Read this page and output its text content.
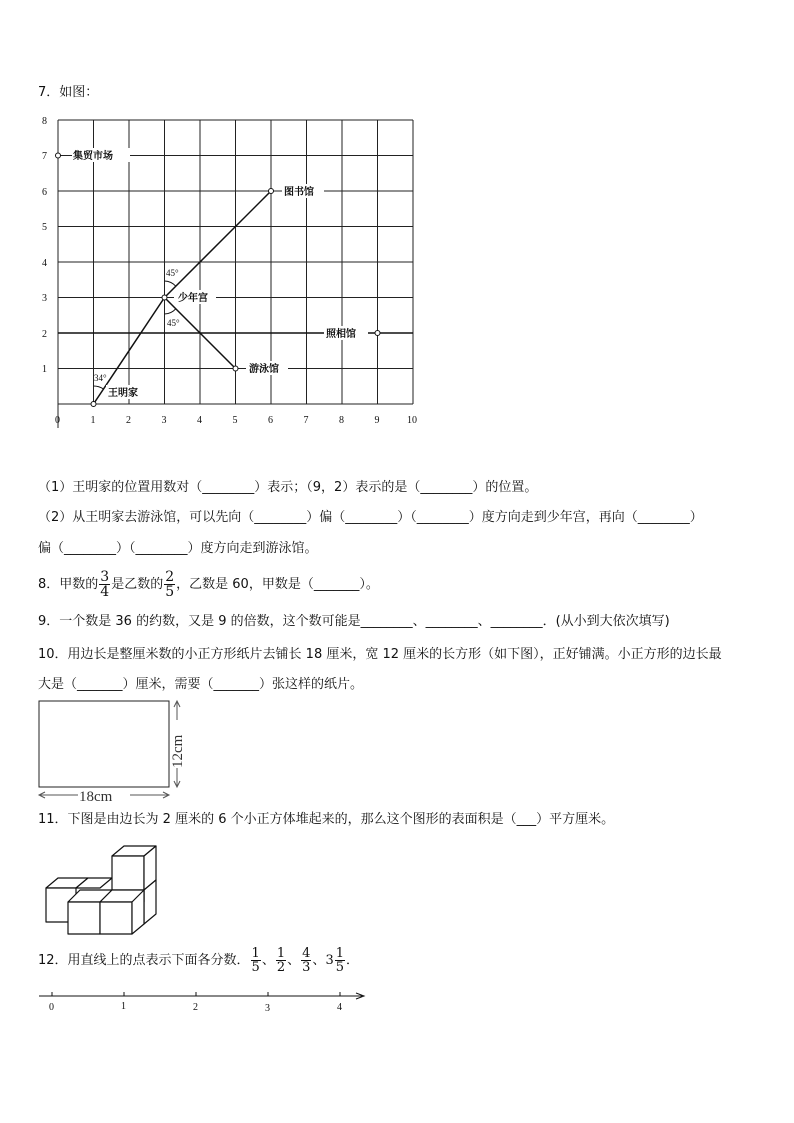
7．如图：
0	1	2	3	4	5	6	7	8	9	10
8
7
6
5
4
3
2
1
45°
45°
34°
集贸市场
图书馆
少年宫
照相馆
游泳馆
王明家
（1）王明家的位置用数对（________）表示；（9，2）表示的是（________）的位置。
（2）从王明家去游泳馆，可以先向（________）偏（________）（________）度方向走到少年宫，再向（________）
偏（________）（________）度方向走到游泳馆。
8．甲数的 $\frac{3}{4}$ 是乙数的 $\frac{2}{5}$ ，乙数是 60，甲数是（_______）。
9．一个数是 36 的约数，又是 9 的倍数，这个数可能是________、________、________．(从小到大依次填写)
10．用边长是整厘米数的小正方形纸片去铺长 18 厘米，宽 12 厘米的长方形（如下图），正好铺满。小正方形的边长最
大是（_______）厘米，需要（_______）张这样的纸片。
18cm
12cm
11．下图是由边长为 2 厘米的 6 个小正方体堆起来的，那么这个图形的表面积是（___）平方厘米。
12．用直线上的点表示下面各分数． $\frac{1}{5}$ 、 $\frac{1}{2}$ 、 $\frac{4}{3}$ 、$3 \frac{1}{5}$ ．
0	1	2	3	4
